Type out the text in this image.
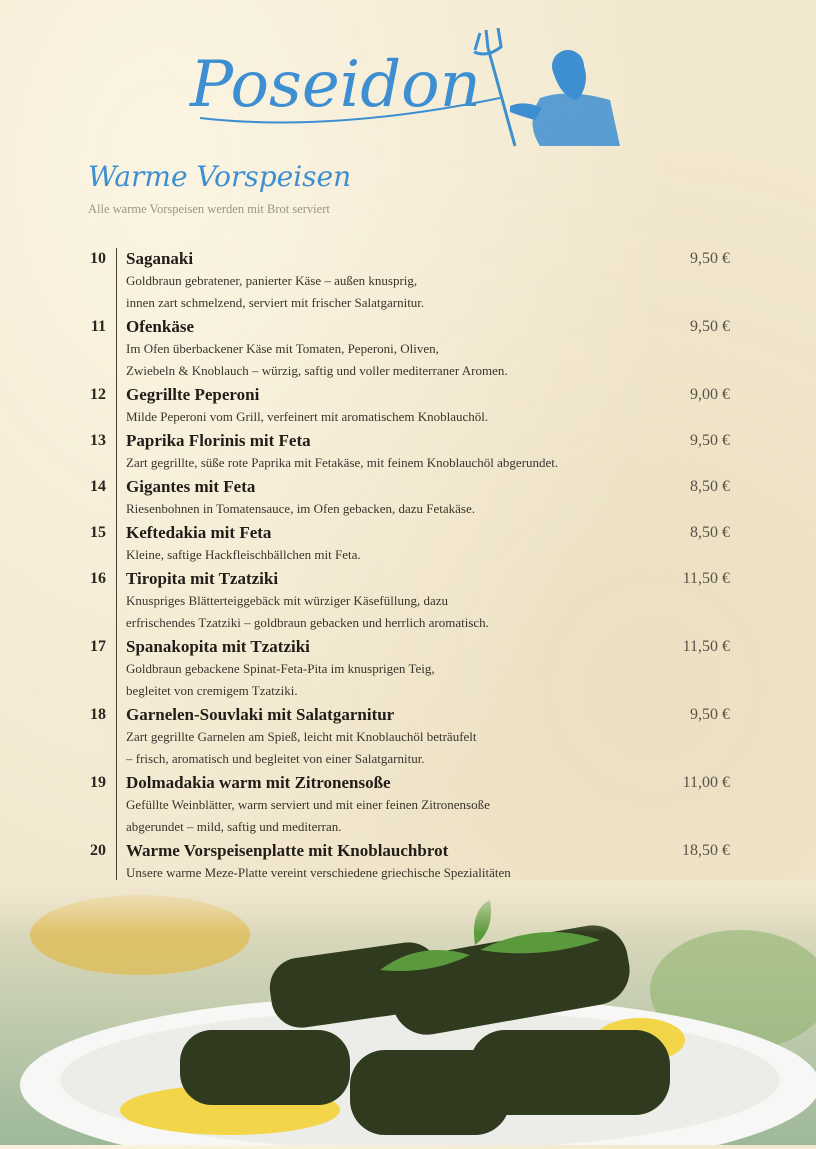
Poseidon
Warme Vorspeisen
Alle warme Vorspeisen werden mit Brot serviert
10	Saganaki
Goldbraun gebratener, panierter Käse – außen knusprig,
innen zart schmelzend, serviert mit frischer Salatgarnitur.
9,50 €
11	Ofenkäse
Im Ofen überbackener Käse mit Tomaten, Peperoni, Oliven,
Zwiebeln & Knoblauch – würzig, saftig und voller mediterraner Aromen.
9,50 €
12	Gegrillte Peperoni
Milde Peperoni vom Grill, verfeinert mit aromatischem Knoblauchöl.
9,00 €
13	Paprika Florinis mit Feta
Zart gegrillte, süße rote Paprika mit Fetakäse, mit feinem Knoblauchöl abgerundet.
9,50 €
14	Gigantes mit Feta
Riesenbohnen in Tomatensauce, im Ofen gebacken, dazu Fetakäse.
8,50 €
15	Keftedakia mit Feta
Kleine, saftige Hackfleischbällchen mit Feta.
8,50 €
16	Tiropita mit Tzatziki
Knuspriges Blätterteiggebäck mit würziger Käsefüllung, dazu
erfrischendes Tzatziki – goldbraun gebacken und herrlich aromatisch.
11,50 €
17	Spanakopita mit Tzatziki
Goldbraun gebackene Spinat-Feta-Pita im knusprigen Teig,
begleitet von cremigem Tzatziki.
11,50 €
18	Garnelen-Souvlaki mit Salatgarnitur
Zart gegrillte Garnelen am Spieß, leicht mit Knoblauchöl beträufelt
– frisch, aromatisch und begleitet von einer Salatgarnitur.
9,50 €
19	Dolmadakia warm mit Zitronensoße
Gefüllte Weinblätter, warm serviert und mit einer feinen Zitronensoße
abgerundet – mild, saftig und mediterran.
11,00 €
20	Warme Vorspeisenplatte mit Knoblauchbrot
Unsere warme Meze-Platte vereint verschiedene griechische Spezialitäten

18,50 €
